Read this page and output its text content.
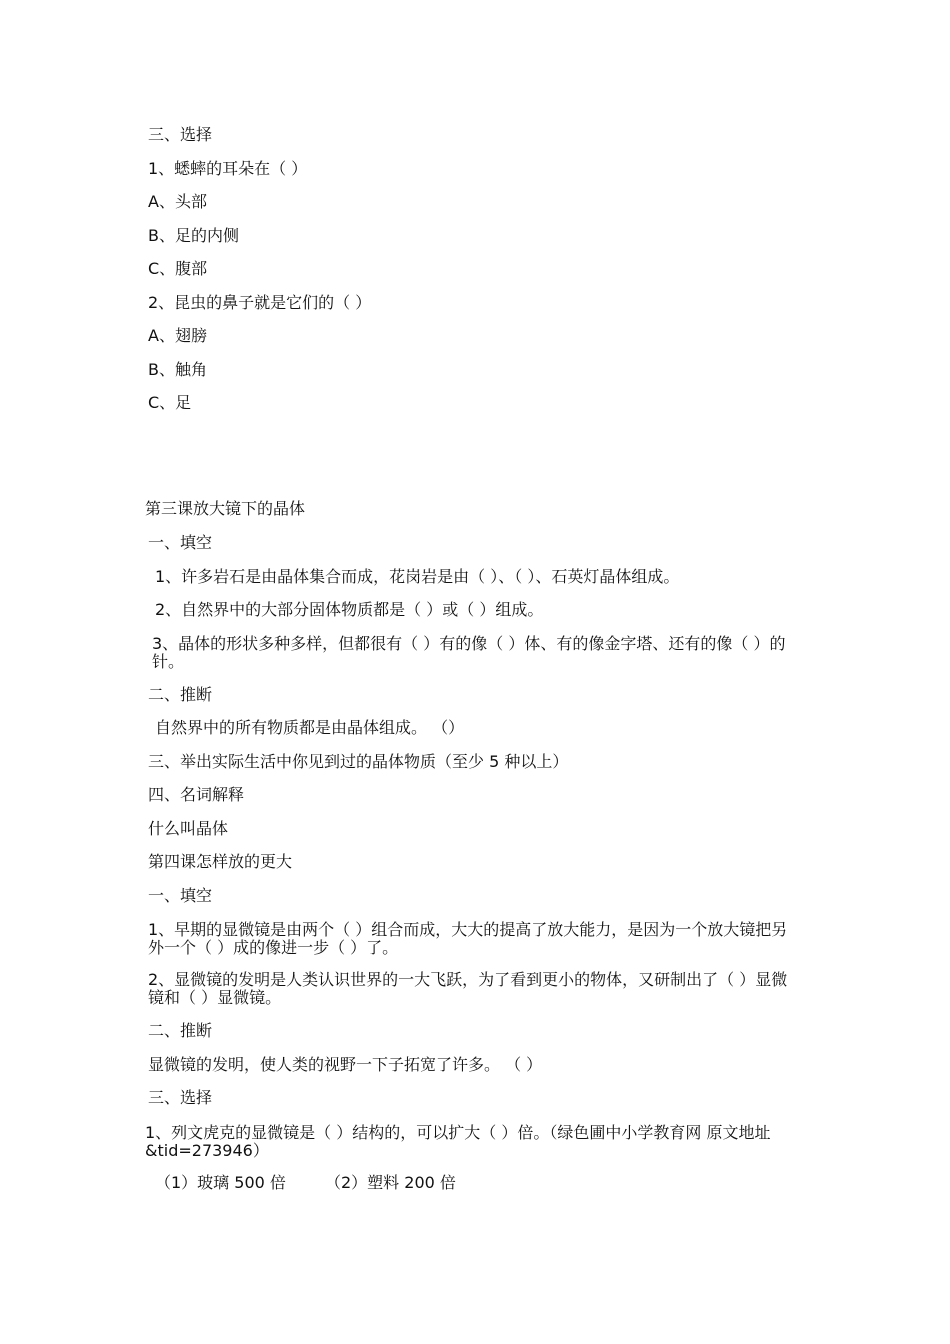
三、选择
1、蟋蟀的耳朵在（ ）
A、头部
B、足的内侧
C、腹部
2、昆虫的鼻子就是它们的（ ）
A、翅膀
B、触角
C、足
第三课放大镜下的晶体
一、填空
1、许多岩石是由晶体集合而成，花岗岩是由（ ）、（ ）、石英灯晶体组成。
2、自然界中的大部分固体物质都是（ ）或（ ）组成。
3、晶体的形状多种多样，但都很有（ ）有的像（ ）体、有的像金字塔、还有的像（ ）的针。
二、推断
自然界中的所有物质都是由晶体组成。 （）
三、举出实际生活中你见到过的晶体物质（至少 5 种以上）
四、名词解释
什么叫晶体
第四课怎样放的更大
一、填空
1、早期的显微镜是由两个（ ）组合而成，大大的提高了放大能力，是因为一个放大镜把另外一个（ ）成的像进一步（ ）了。
2、显微镜的发明是人类认识世界的一大飞跃，为了看到更小的物体，又研制出了（ ）显微镜和（ ）显微镜。
二、推断
显微镜的发明，使人类的视野一下子拓宽了许多。 （ ）
三、选择
1、列文虎克的显微镜是（ ）结构的，可以扩大（ ）倍。（绿色圃中小学教育网 原文地址&tid=273946）
（1）玻璃 500 倍 （2）塑料 200 倍
